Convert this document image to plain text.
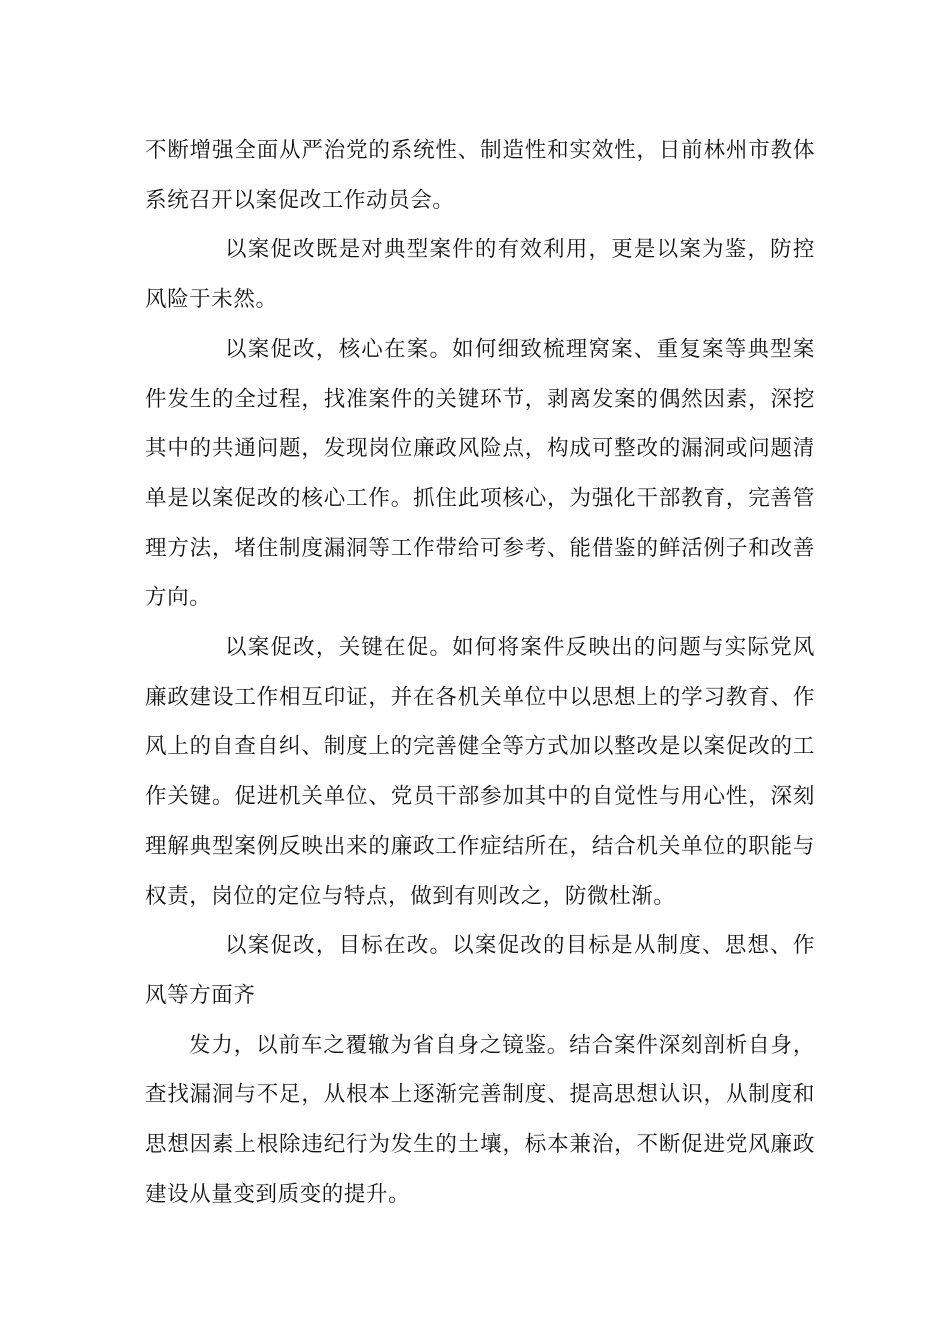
不断增强全面从严治党的系统性、制造性和实效性，日前林州市教体系统召开以案促改工作动员会。

以案促改既是对典型案件的有效利用，更是以案为鉴，防控风险于未然。

以案促改，核心在案。如何细致梳理窝案、重复案等典型案件发生的全过程，找准案件的关键环节，剥离发案的偶然因素，深挖其中的共通问题，发现岗位廉政风险点，构成可整改的漏洞或问题清单是以案促改的核心工作。抓住此项核心，为强化干部教育，完善管理方法，堵住制度漏洞等工作带给可参考、能借鉴的鲜活例子和改善方向。

以案促改，关键在促。如何将案件反映出的问题与实际党风廉政建设工作相互印证，并在各机关单位中以思想上的学习教育、作风上的自查自纠、制度上的完善健全等方式加以整改是以案促改的工作关键。促进机关单位、党员干部参加其中的自觉性与用心性，深刻理解典型案例反映出来的廉政工作症结所在，结合机关单位的职能与权责，岗位的定位与特点，做到有则改之，防微杜渐。

以案促改，目标在改。以案促改的目标是从制度、思想、作风等方面齐

发力，以前车之覆辙为省自身之镜鉴。结合案件深刻剖析自身，查找漏洞与不足，从根本上逐渐完善制度、提高思想认识，从制度和思想因素上根除违纪行为发生的土壤，标本兼治，不断促进党风廉政建设从量变到质变的提升。
